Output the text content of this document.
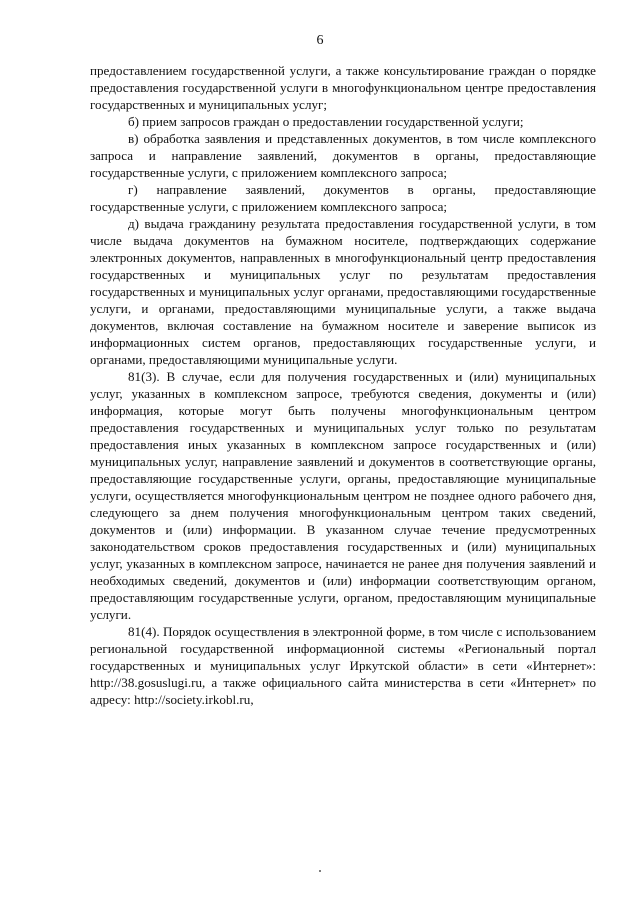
6

предоставлением государственной услуги, а также консультирование граждан о порядке предоставления государственной услуги в многофункциональном центре предоставления государственных и муниципальных услуг;

б) прием запросов граждан о предоставлении государственной услуги;

в) обработка заявления и представленных документов, в том числе комплексного запроса и направление заявлений, документов в органы, предоставляющие государственные услуги, с приложением комплексного запроса;

г) направление заявлений, документов в органы, предоставляющие государственные услуги, с приложением комплексного запроса;

д) выдача гражданину результата предоставления государственной услуги, в том числе выдача документов на бумажном носителе, подтверждающих содержание электронных документов, направленных в многофункциональный центр предоставления государственных и муниципальных услуг по результатам предоставления государственных и муниципальных услуг органами, предоставляющими государственные услуги, и органами, предоставляющими муниципальные услуги, а также выдача документов, включая составление на бумажном носителе и заверение выписок из информационных систем органов, предоставляющих государственные услуги, и органами, предоставляющими муниципальные услуги.

81(3). В случае, если для получения государственных и (или) муниципальных услуг, указанных в комплексном запросе, требуются сведения, документы и (или) информация, которые могут быть получены многофункциональным центром предоставления государственных и муниципальных услуг только по результатам предоставления иных указанных в комплексном запросе государственных и (или) муниципальных услуг, направление заявлений и документов в соответствующие органы, предоставляющие государственные услуги, органы, предоставляющие муниципальные услуги, осуществляется многофункциональным центром не позднее одного рабочего дня, следующего за днем получения многофункциональным центром таких сведений, документов и (или) информации. В указанном случае течение предусмотренных законодательством сроков предоставления государственных и (или) муниципальных услуг, указанных в комплексном запросе, начинается не ранее дня получения заявлений и необходимых сведений, документов и (или) информации соответствующим органом, предоставляющим государственные услуги, органом, предоставляющим муниципальные услуги.

81(4). Порядок осуществления в электронной форме, в том числе с использованием региональной государственной информационной системы «Региональный портал государственных и муниципальных услуг Иркутской области» в сети «Интернет»: http://38.gosuslugi.ru, а также официального сайта министерства в сети «Интернет» по адресу: http://society.irkobl.ru,
